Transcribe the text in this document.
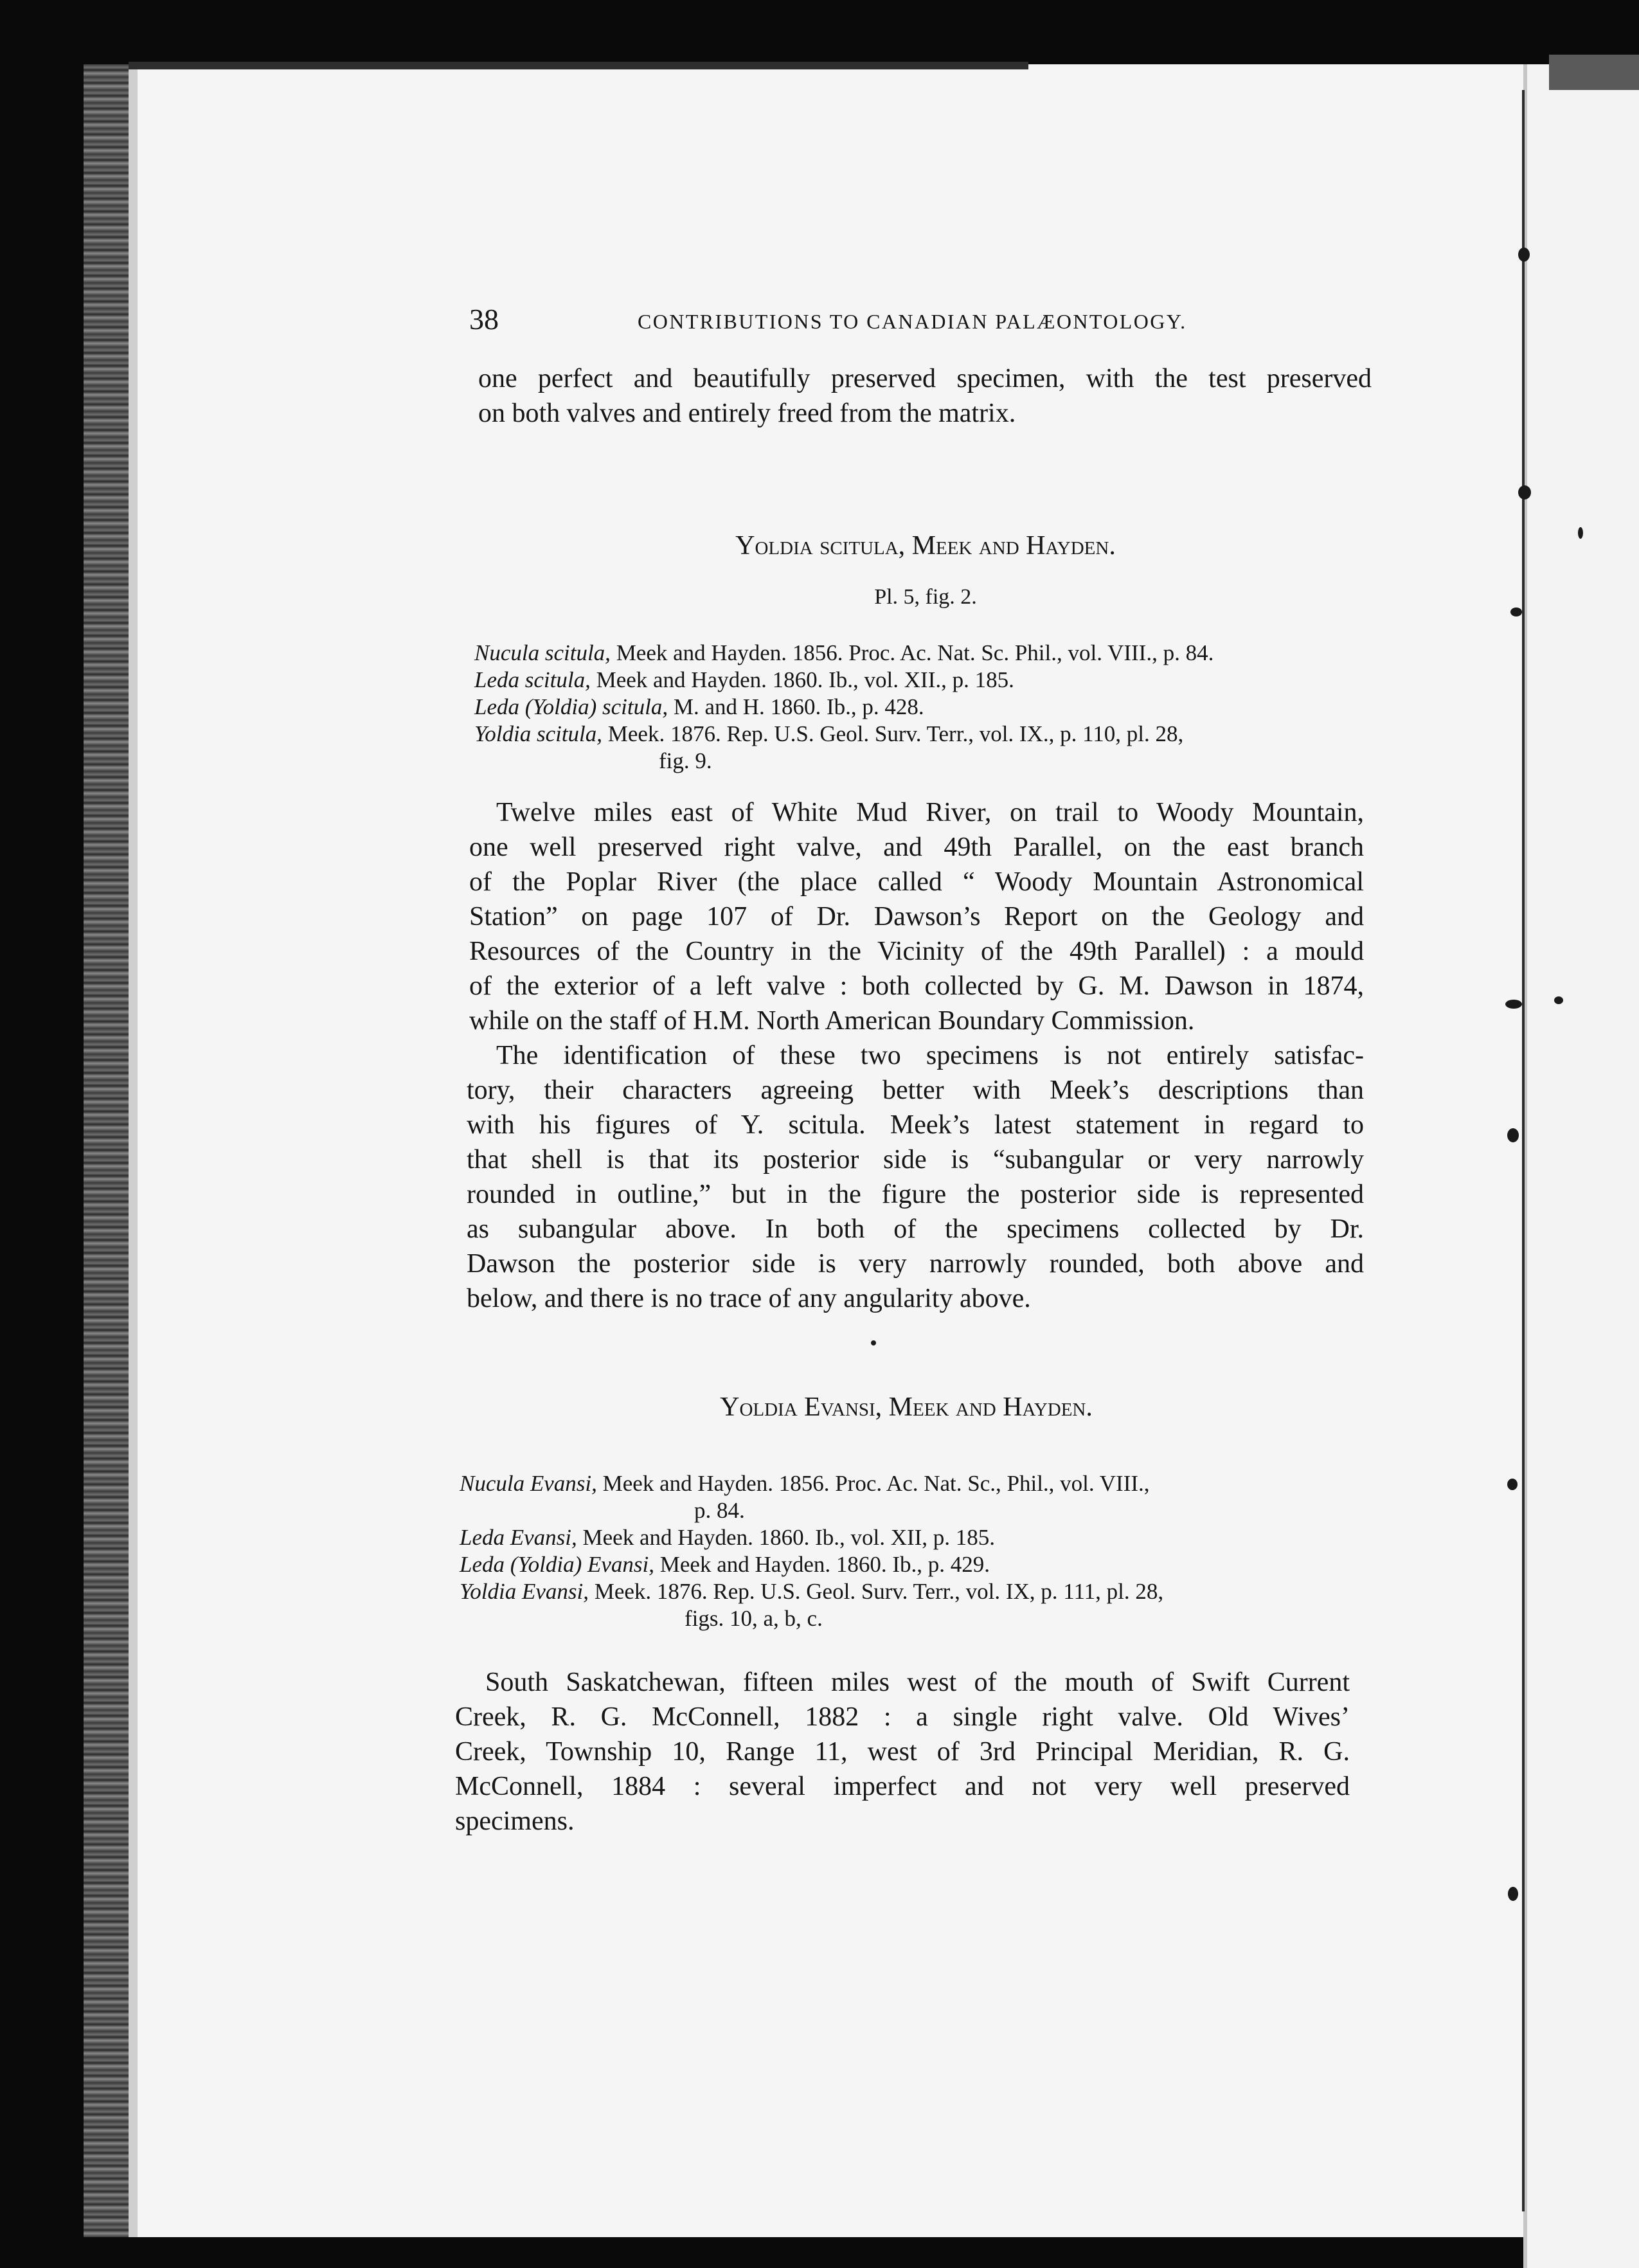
38	CONTRIBUTIONS TO CANADIAN PALÆONTOLOGY.
one perfect and beautifully preserved specimen, with the test preserved
on both valves and entirely freed from the matrix.
Yoldia scitula, Meek and Hayden.
Pl. 5, fig. 2.
Nucula scitula, Meek and Hayden. 1856. Proc. Ac. Nat. Sc. Phil., vol. VIII., p. 84.
Leda scitula, Meek and Hayden. 1860. Ib., vol. XII., p. 185.
Leda (Yoldia) scitula, M. and H. 1860. Ib., p. 428.
Yoldia scitula, Meek. 1876. Rep. U.S. Geol. Surv. Terr., vol. IX., p. 110, pl. 28,
fig. 9.
Twelve miles east of White Mud River, on trail to Woody Mountain,
one well preserved right valve, and 49th Parallel, on the east branch
of the Poplar River (the place called “ Woody Mountain Astronomical
Station” on page 107 of Dr. Dawson’s Report on the Geology and
Resources of the Country in the Vicinity of the 49th Parallel) : a mould
of the exterior of a left valve : both collected by G. M. Dawson in 1874,
while on the staff of H.M. North American Boundary Commission.
The identification of these two specimens is not entirely satisfac-
tory, their characters agreeing better with Meek’s descriptions than
with his figures of Y. scitula. Meek’s latest statement in regard to
that shell is that its posterior side is “subangular or very narrowly
rounded in outline,” but in the figure the posterior side is represented
as subangular above. In both of the specimens collected by Dr.
Dawson the posterior side is very narrowly rounded, both above and
below, and there is no trace of any angularity above.
Yoldia Evansi, Meek and Hayden.
Nucula Evansi, Meek and Hayden. 1856. Proc. Ac. Nat. Sc., Phil., vol. VIII.,
p. 84.
Leda Evansi, Meek and Hayden. 1860. Ib., vol. XII, p. 185.
Leda (Yoldia) Evansi, Meek and Hayden. 1860. Ib., p. 429.
Yoldia Evansi, Meek. 1876. Rep. U.S. Geol. Surv. Terr., vol. IX, p. 111, pl. 28,
figs. 10, a, b, c.
South Saskatchewan, fifteen miles west of the mouth of Swift Current
Creek, R. G. McConnell, 1882 : a single right valve. Old Wives’
Creek, Township 10, Range 11, west of 3rd Principal Meridian, R. G.
McConnell, 1884 : several imperfect and not very well preserved
specimens.
